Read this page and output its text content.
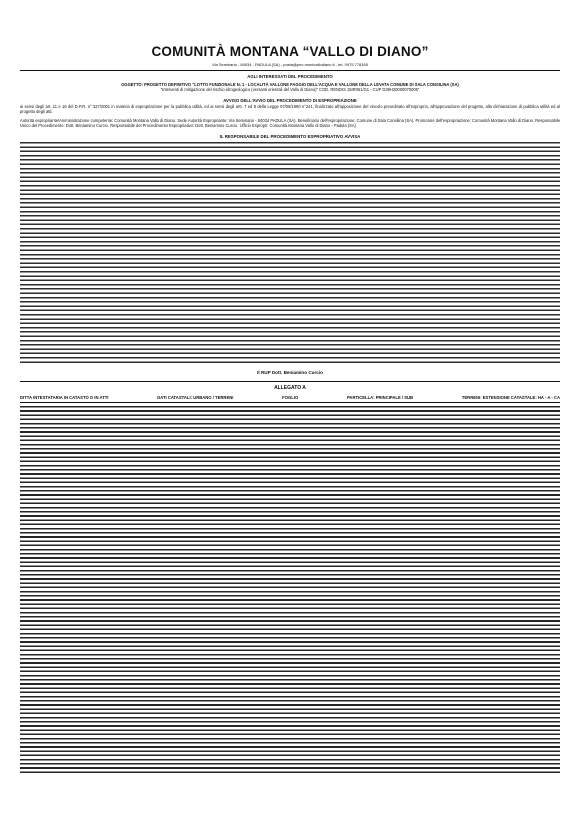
COMUNITÀ MONTANA “VALLO DI DIANO”
Via Seminario - 84034 - PADULA (SA) - posta@pec.montvallodiano.it - tel. 0975 778165
AGLI INTERESSATI DEL PROCEDIMENTO
OGGETTO: PROGETTO DEFINITIVO “LOTTO FUNZIONALE N. 1 - LOCALITÀ VALLONE FAGGIO DELL'ACQUA E VALLONE DELLA LEVATA COMUNE DI SALA CONSILINA (SA)
“Interventi di mitigazione del rischio idrogeologico (versanti orientali del Vallo di Diano)” COD. RENDIS 15IR061/G1 - CUP D39H20000070005”
AVVISO DELL'AVVIO DEL PROCEDIMENTO DI ESPROPRIAZIONE
ai sensi degli art. 11 e 16 del D.P.R. n° 327/2001 in materia di espropriazione per la pubblica utilità, ed ai sensi degli artt. 7 ed 8 della Legge 07/08/1990 n°241, finalizzato all'apposizione del vincolo preordinato all'esproprio, all'approvazione del progetto, alla dichiarazione di pubblica utilità ed al progetto degli atti.
Autorità espropriante/Amministrazione competente: Comunità Montana Vallo di Diano. Sede Autorità Espropriante: Via Seminario - 84034 PADULA (SA). Beneficiario dell'espropriazione: Comune di Sala Consilina (SA). Promotore dell'espropriazione: Comunità Montana Vallo di Diano. Responsabile Unico del Procedimento: Dott. Beniamino Curcio. Responsabile del Procedimento Espropriativo: Dott. Beniamino Curcio. Ufficio Espropri: Comunità Montana Vallo di Diano - Padula (SA)
IL RESPONSABILE DEL PROCEDIMENTO ESPROPRIATIVO AVVISA
Il RUP Dott. Beniamino Curcio
ALLEGATO A
DITTA INTESTATARIA IN CATASTO O IN ATTI	DATI CATASTALI: URBANO / TERRENI	FOGLIO	PARTICELLA: PRINCIPALE / SUB	TERRENI: ESTENSIONE CATASTALE: HA - A - CA
